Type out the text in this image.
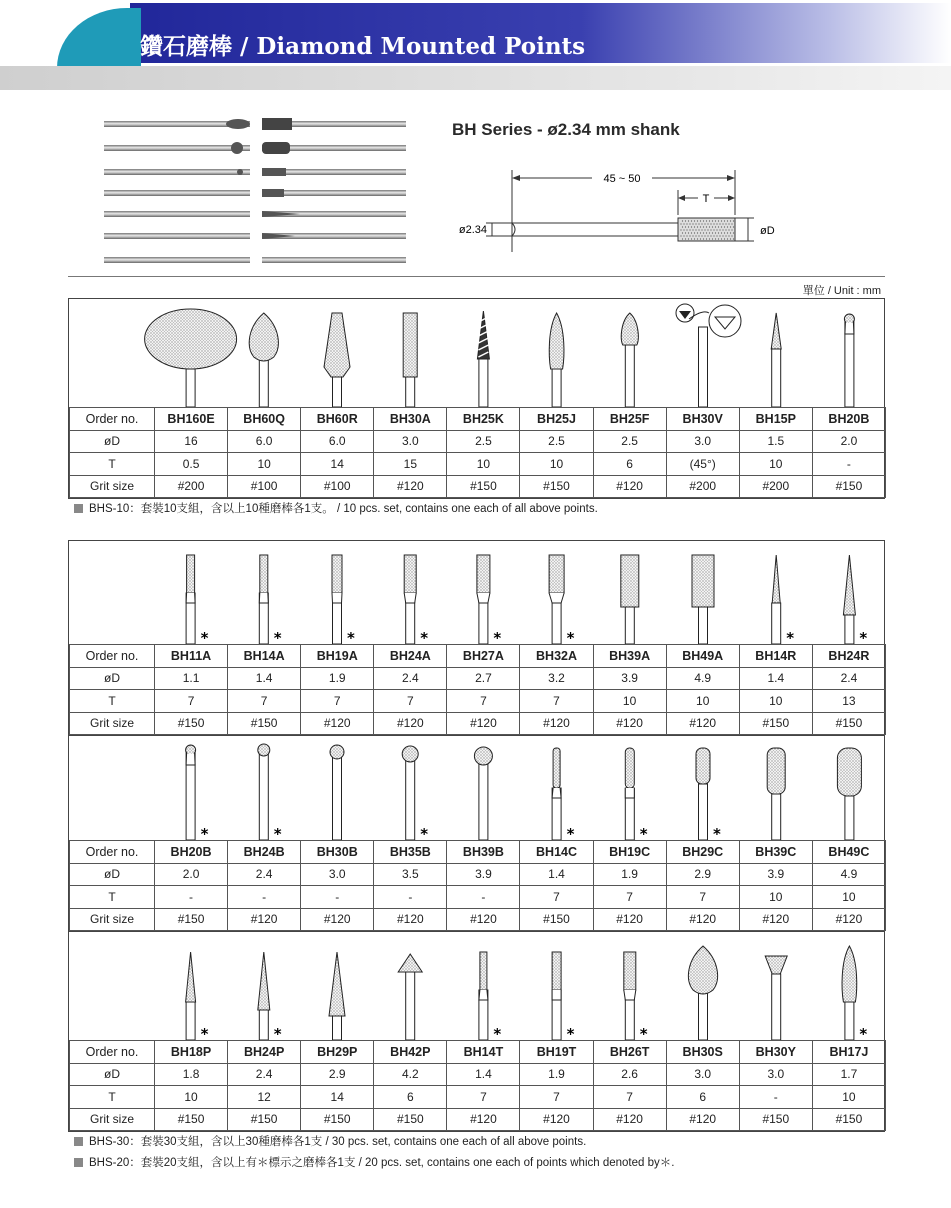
鑽石磨棒 / Diamond Mounted Points
BH Series - ø2.34 mm shank
45 ~ 50
T
øD
ø2.34
單位 / Unit : mm
Order no.	BH160E	BH60Q	BH60R	BH30A	BH25K	BH25J	BH25F	BH30V	BH15P	BH20B
øD	16	6.0	6.0	3.0	2.5	2.5	2.5	3.0	1.5	2.0
T	0.5	10	14	15	10	10	6	(45°)	10	-
Grit size	#200	#100	#100	#120	#150	#150	#120	#200	#200	#150
BHS-10：套裝10支組，含以上10種磨棒各1支。 / 10 pcs. set, contains one each of all above points.
*	*	*	*	*	*	*	*
Order no.	BH11A	BH14A	BH19A	BH24A	BH27A	BH32A	BH39A	BH49A	BH14R	BH24R
øD	1.1	1.4	1.9	2.4	2.7	3.2	3.9	4.9	1.4	2.4
T	7	7	7	7	7	7	10	10	10	13
Grit size	#150	#150	#120	#120	#120	#120	#120	#120	#150	#150
*	*	*	*	*	*
Order no.	BH20B	BH24B	BH30B	BH35B	BH39B	BH14C	BH19C	BH29C	BH39C	BH49C
øD	2.0	2.4	3.0	3.5	3.9	1.4	1.9	2.9	3.9	4.9
T	-	-	-	-	-	7	7	7	10	10
Grit size	#150	#120	#120	#120	#120	#150	#120	#120	#120	#120
*	*	*	*	*	*
Order no.	BH18P	BH24P	BH29P	BH42P	BH14T	BH19T	BH26T	BH30S	BH30Y	BH17J
øD	1.8	2.4	2.9	4.2	1.4	1.9	2.6	3.0	3.0	1.7
T	10	12	14	6	7	7	7	6	-	10
Grit size	#150	#150	#150	#150	#120	#120	#120	#120	#150	#150
BHS-30：套裝30支組，含以上30種磨棒各1支 / 30 pcs. set, contains one each of all above points.
BHS-20：套裝20支組，含以上有＊標示之磨棒各1支 / 20 pcs. set, contains one each of points which denoted by＊.
